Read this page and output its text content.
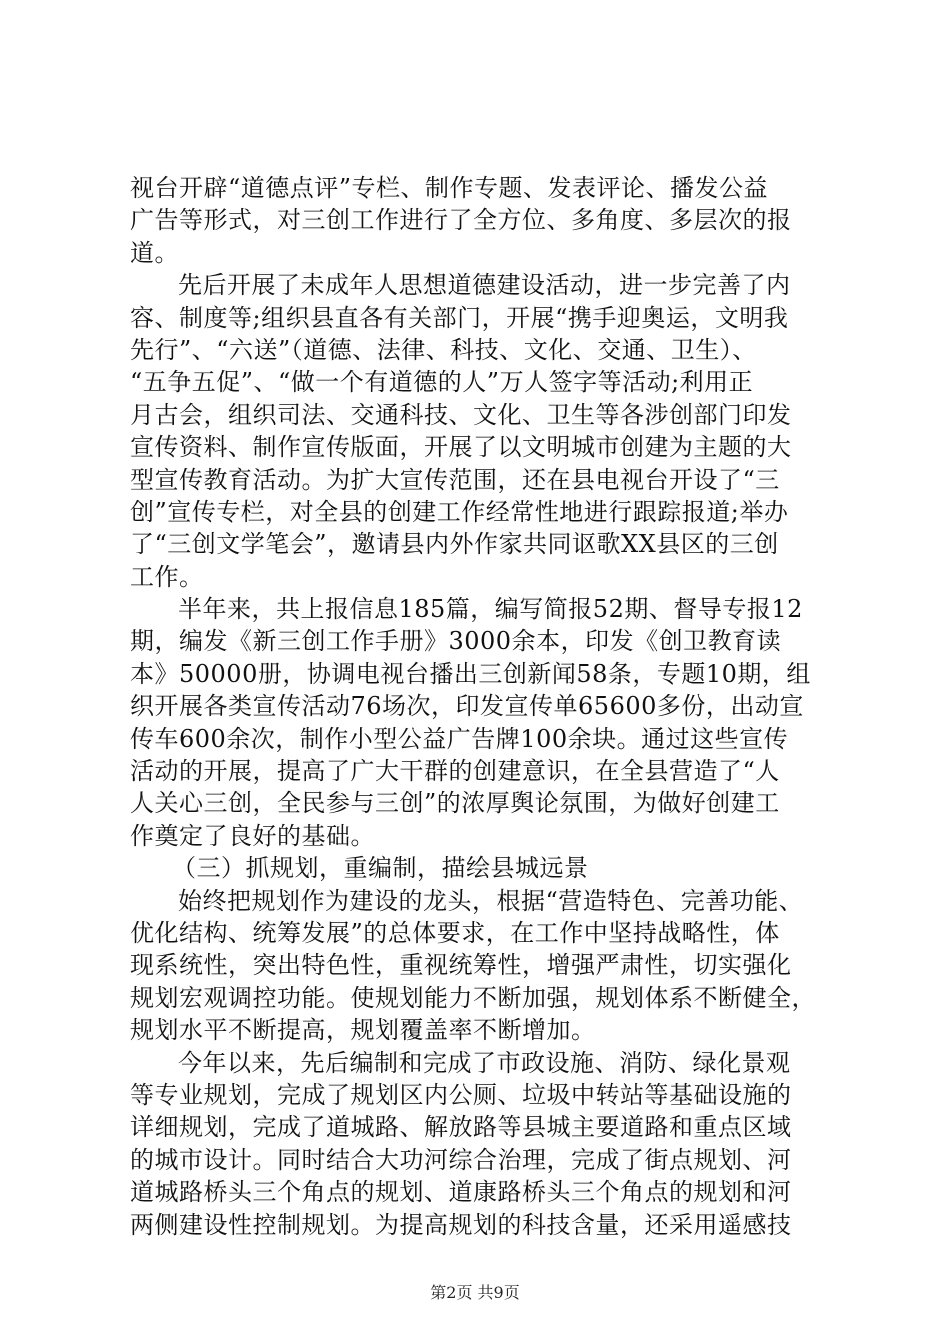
视台开辟“道德点评”专栏、制作专题、发表评论、播发公益
广告等形式，对三创工作进行了全方位、多角度、多层次的报
道。
先后开展了未成年人思想道德建设活动，进一步完善了内
容、制度等;组织县直各有关部门，开展“携手迎奥运，文明我
先行”、“六送”（道德、法律、科技、文化、交通、卫生）、
“五争五促”、“做一个有道德的人”万人签字等活动;利用正
月古会，组织司法、交通科技、文化、卫生等各涉创部门印发
宣传资料、制作宣传版面，开展了以文明城市创建为主题的大
型宣传教育活动。为扩大宣传范围，还在县电视台开设了“三
创”宣传专栏，对全县的创建工作经常性地进行跟踪报道;举办
了“三创文学笔会”，邀请县内外作家共同讴歌XX县区的三创
工作。
半年来，共上报信息185篇，编写简报52期、督导专报12
期，编发《新三创工作手册》3000余本，印发《创卫教育读
本》50000册，协调电视台播出三创新闻58条，专题10期，组
织开展各类宣传活动76场次，印发宣传单65600多份，出动宣
传车600余次，制作小型公益广告牌100余块。通过这些宣传
活动的开展，提高了广大干群的创建意识，在全县营造了“人
人关心三创，全民参与三创”的浓厚舆论氛围，为做好创建工
作奠定了良好的基础。
（三）抓规划，重编制，描绘县城远景
始终把规划作为建设的龙头，根据“营造特色、完善功能、
优化结构、统筹发展”的总体要求，在工作中坚持战略性，体
现系统性，突出特色性，重视统筹性，增强严肃性，切实强化
规划宏观调控功能。使规划能力不断加强，规划体系不断健全，
规划水平不断提高，规划覆盖率不断增加。
今年以来，先后编制和完成了市政设施、消防、绿化景观
等专业规划，完成了规划区内公厕、垃圾中转站等基础设施的
详细规划，完成了道城路、解放路等县城主要道路和重点区域
的城市设计。同时结合大功河综合治理，完成了街点规划、河
道城路桥头三个角点的规划、道康路桥头三个角点的规划和河
两侧建设性控制规划。为提高规划的科技含量，还采用遥感技
第2页 共9页
